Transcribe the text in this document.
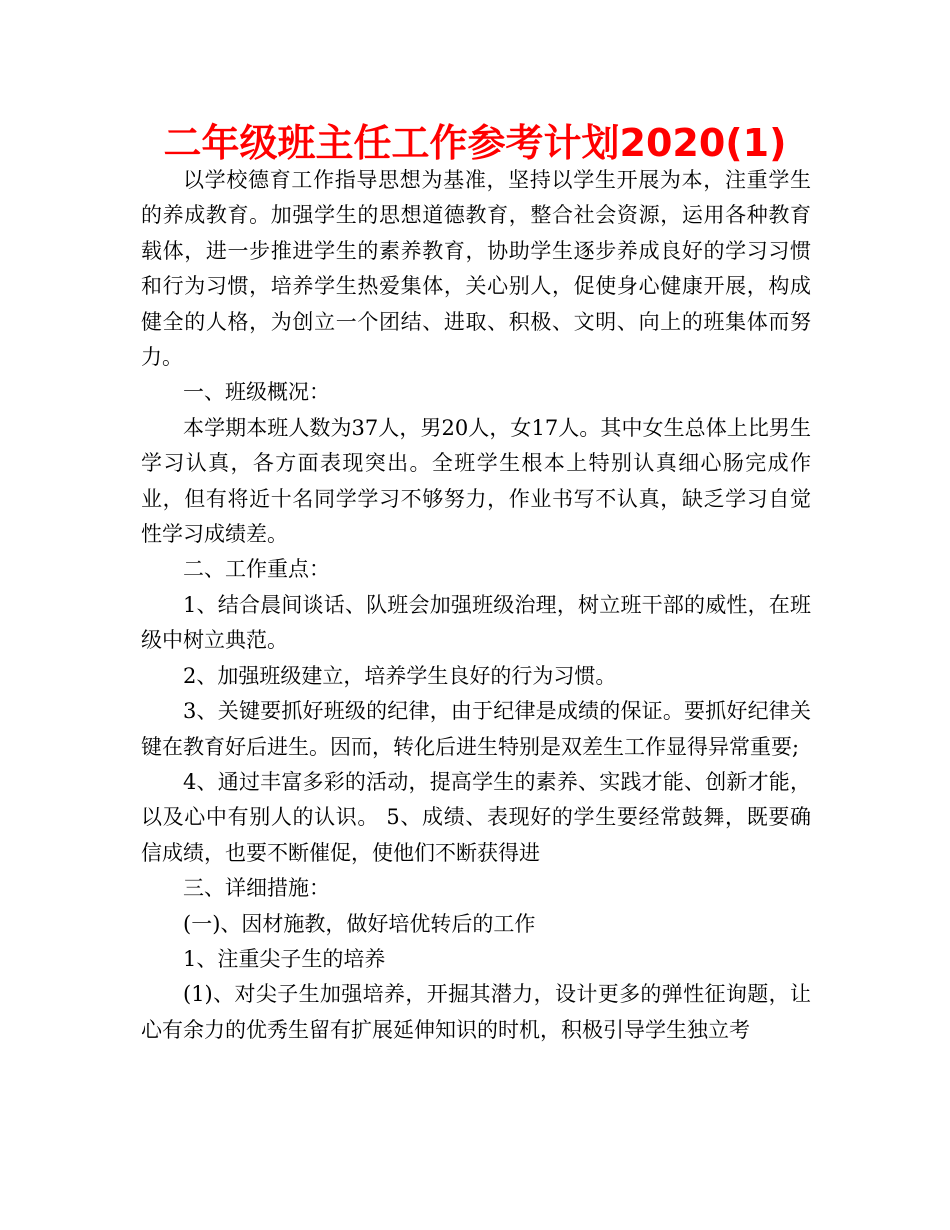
二年级班主任工作参考计划2020(1)

以学校德育工作指导思想为基准，坚持以学生开展为本，注重学生的养成教育。加强学生的思想道德教育，整合社会资源，运用各种教育载体，进一步推进学生的素养教育，协助学生逐步养成良好的学习习惯和行为习惯，培养学生热爱集体，关心别人，促使身心健康开展，构成健全的人格，为创立一个团结、进取、积极、文明、向上的班集体而努力。

一、班级概况：

本学期本班人数为37人，男20人，女17人。其中女生总体上比男生学习认真，各方面表现突出。全班学生根本上特别认真细心肠完成作业，但有将近十名同学学习不够努力，作业书写不认真，缺乏学习自觉性学习成绩差。

二、工作重点：

1、结合晨间谈话、队班会加强班级治理，树立班干部的威性，在班级中树立典范。

2、加强班级建立，培养学生良好的行为习惯。

3、关键要抓好班级的纪律，由于纪律是成绩的保证。要抓好纪律关键在教育好后进生。因而，转化后进生特别是双差生工作显得异常重要;

4、通过丰富多彩的活动，提高学生的素养、实践才能、创新才能，以及心中有别人的认识。 5、成绩、表现好的学生要经常鼓舞，既要确信成绩，也要不断催促，使他们不断获得进

三、详细措施：

(一)、因材施教，做好培优转后的工作

1、注重尖子生的培养

(1)、对尖子生加强培养，开掘其潜力，设计更多的弹性征询题，让心有余力的优秀生留有扩展延伸知识的时机，积极引导学生独立考
